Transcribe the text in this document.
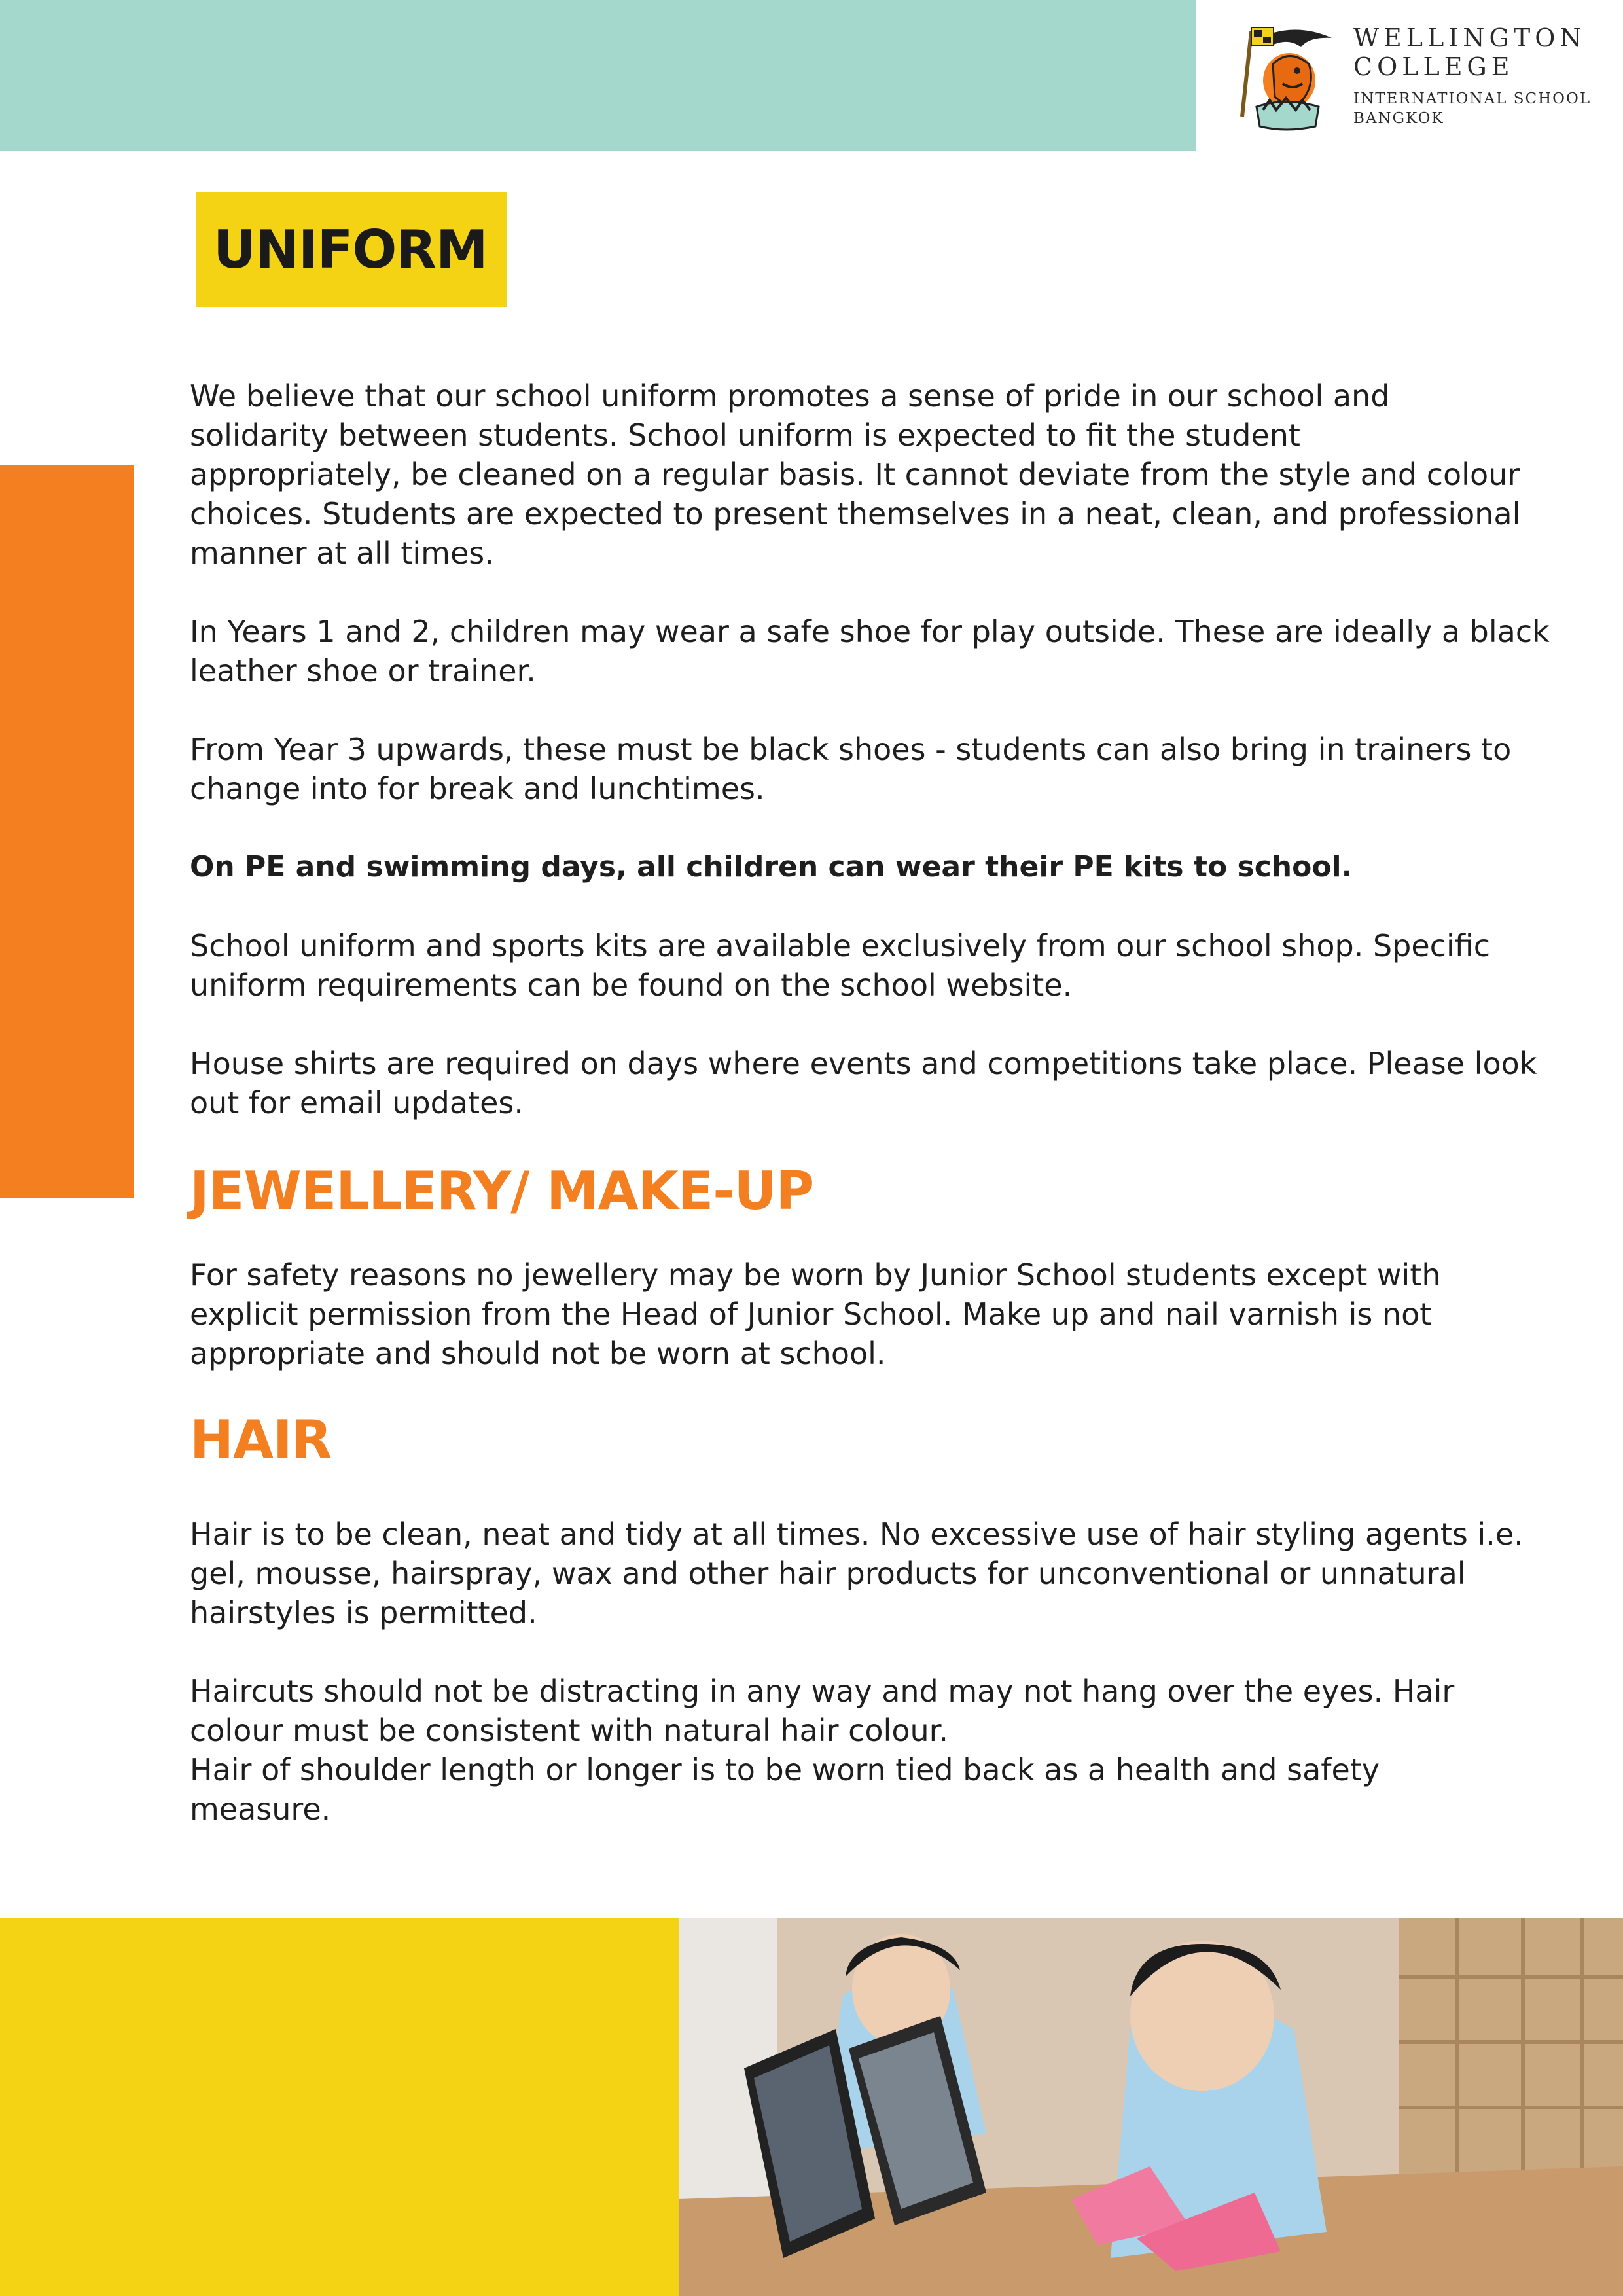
WELLINGTON
COLLEGE
INTERNATIONAL SCHOOL
BANGKOK
UNIFORM

We believe that our school uniform promotes a sense of pride in our school and
solidarity between students. School uniform is expected to fit the student
appropriately, be cleaned on a regular basis. It cannot deviate from the style and colour
choices. Students are expected to present themselves in a neat, clean, and professional
manner at all times.

In Years 1 and 2, children may wear a safe shoe for play outside. These are ideally a black
leather shoe or trainer.

From Year 3 upwards, these must be black shoes - students can also bring in trainers to
change into for break and lunchtimes.

On PE and swimming days, all children can wear their PE kits to school.

School uniform and sports kits are available exclusively from our school shop. Specific
uniform requirements can be found on the school website.

House shirts are required on days where events and competitions take place. Please look
out for email updates.

JEWELLERY/ MAKE-UP

For safety reasons no jewellery may be worn by Junior School students except with
explicit permission from the Head of Junior School. Make up and nail varnish is not
appropriate and should not be worn at school.

HAIR

Hair is to be clean, neat and tidy at all times. No excessive use of hair styling agents i.e.
gel, mousse, hairspray, wax and other hair products for unconventional or unnatural
hairstyles is permitted.

Haircuts should not be distracting in any way and may not hang over the eyes. Hair
colour must be consistent with natural hair colour.
Hair of shoulder length or longer is to be worn tied back as a health and safety
measure.
